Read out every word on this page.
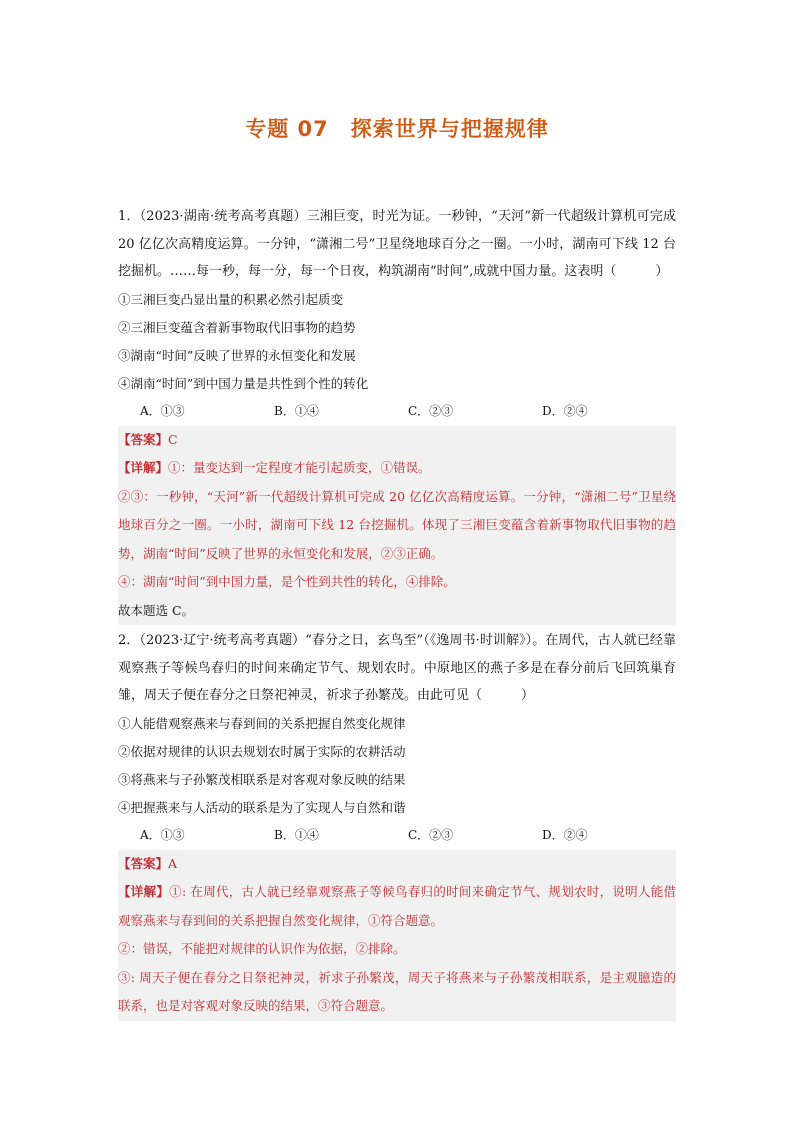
专题 07　探索世界与把握规律

1．（2023·湖南·统考高考真题）三湘巨变，时光为证。一秒钟，“天河”新一代超级计算机可完成 20 亿亿次高精度运算。一分钟，“潇湘二号”卫星绕地球百分之一圈。一小时，湖南可下线 12 台挖掘机。……每一秒，每一分，每一个日夜，构筑湖南“时间”,成就中国力量。这表明（　　　）

①三湘巨变凸显出量的积累必然引起质变

②三湘巨变蕴含着新事物取代旧事物的趋势

③湖南“时间”反映了世界的永恒变化和发展

④湖南“时间”到中国力量是共性到个性的转化

A．①③	B．①④	C．②③	D．②④

【答案】C

【详解】①：量变达到一定程度才能引起质变，①错误。

②③：一秒钟，“天河”新一代超级计算机可完成 20 亿亿次高精度运算。一分钟，“潇湘二号”卫星绕地球百分之一圈。一小时，湖南可下线 12 台挖掘机。体现了三湘巨变蕴含着新事物取代旧事物的趋势，湖南“时间”反映了世界的永恒变化和发展，②③正确。

④：湖南“时间”到中国力量，是个性到共性的转化，④排除。

故本题选 C。

2．（2023·辽宁·统考高考真题）“春分之日，玄鸟至”（《逸周书·时训解》）。在周代，古人就已经靠观察燕子等候鸟春归的时间来确定节气、规划农时。中原地区的燕子多是在春分前后飞回筑巢育雏，周天子便在春分之日祭祀神灵，祈求子孙繁茂。由此可见（　　　）

①人能借观察燕来与春到间的关系把握自然变化规律

②依据对规律的认识去规划农时属于实际的农耕活动

③将燕来与子孙繁茂相联系是对客观对象反映的结果

④把握燕来与人活动的联系是为了实现人与自然和谐

A．①③	B．①④	C．②③	D．②④

【答案】A

【详解】①: 在周代，古人就已经靠观察燕子等候鸟春归的时间来确定节气、规划农时，说明人能借观察燕来与春到间的关系把握自然变化规律，①符合题意。

②：错误，不能把对规律的认识作为依据，②排除。

③: 周天子便在春分之日祭祀神灵，祈求子孙繁茂，周天子将燕来与子孙繁茂相联系，是主观臆造的联系，也是对客观对象反映的结果，③符合题意。
